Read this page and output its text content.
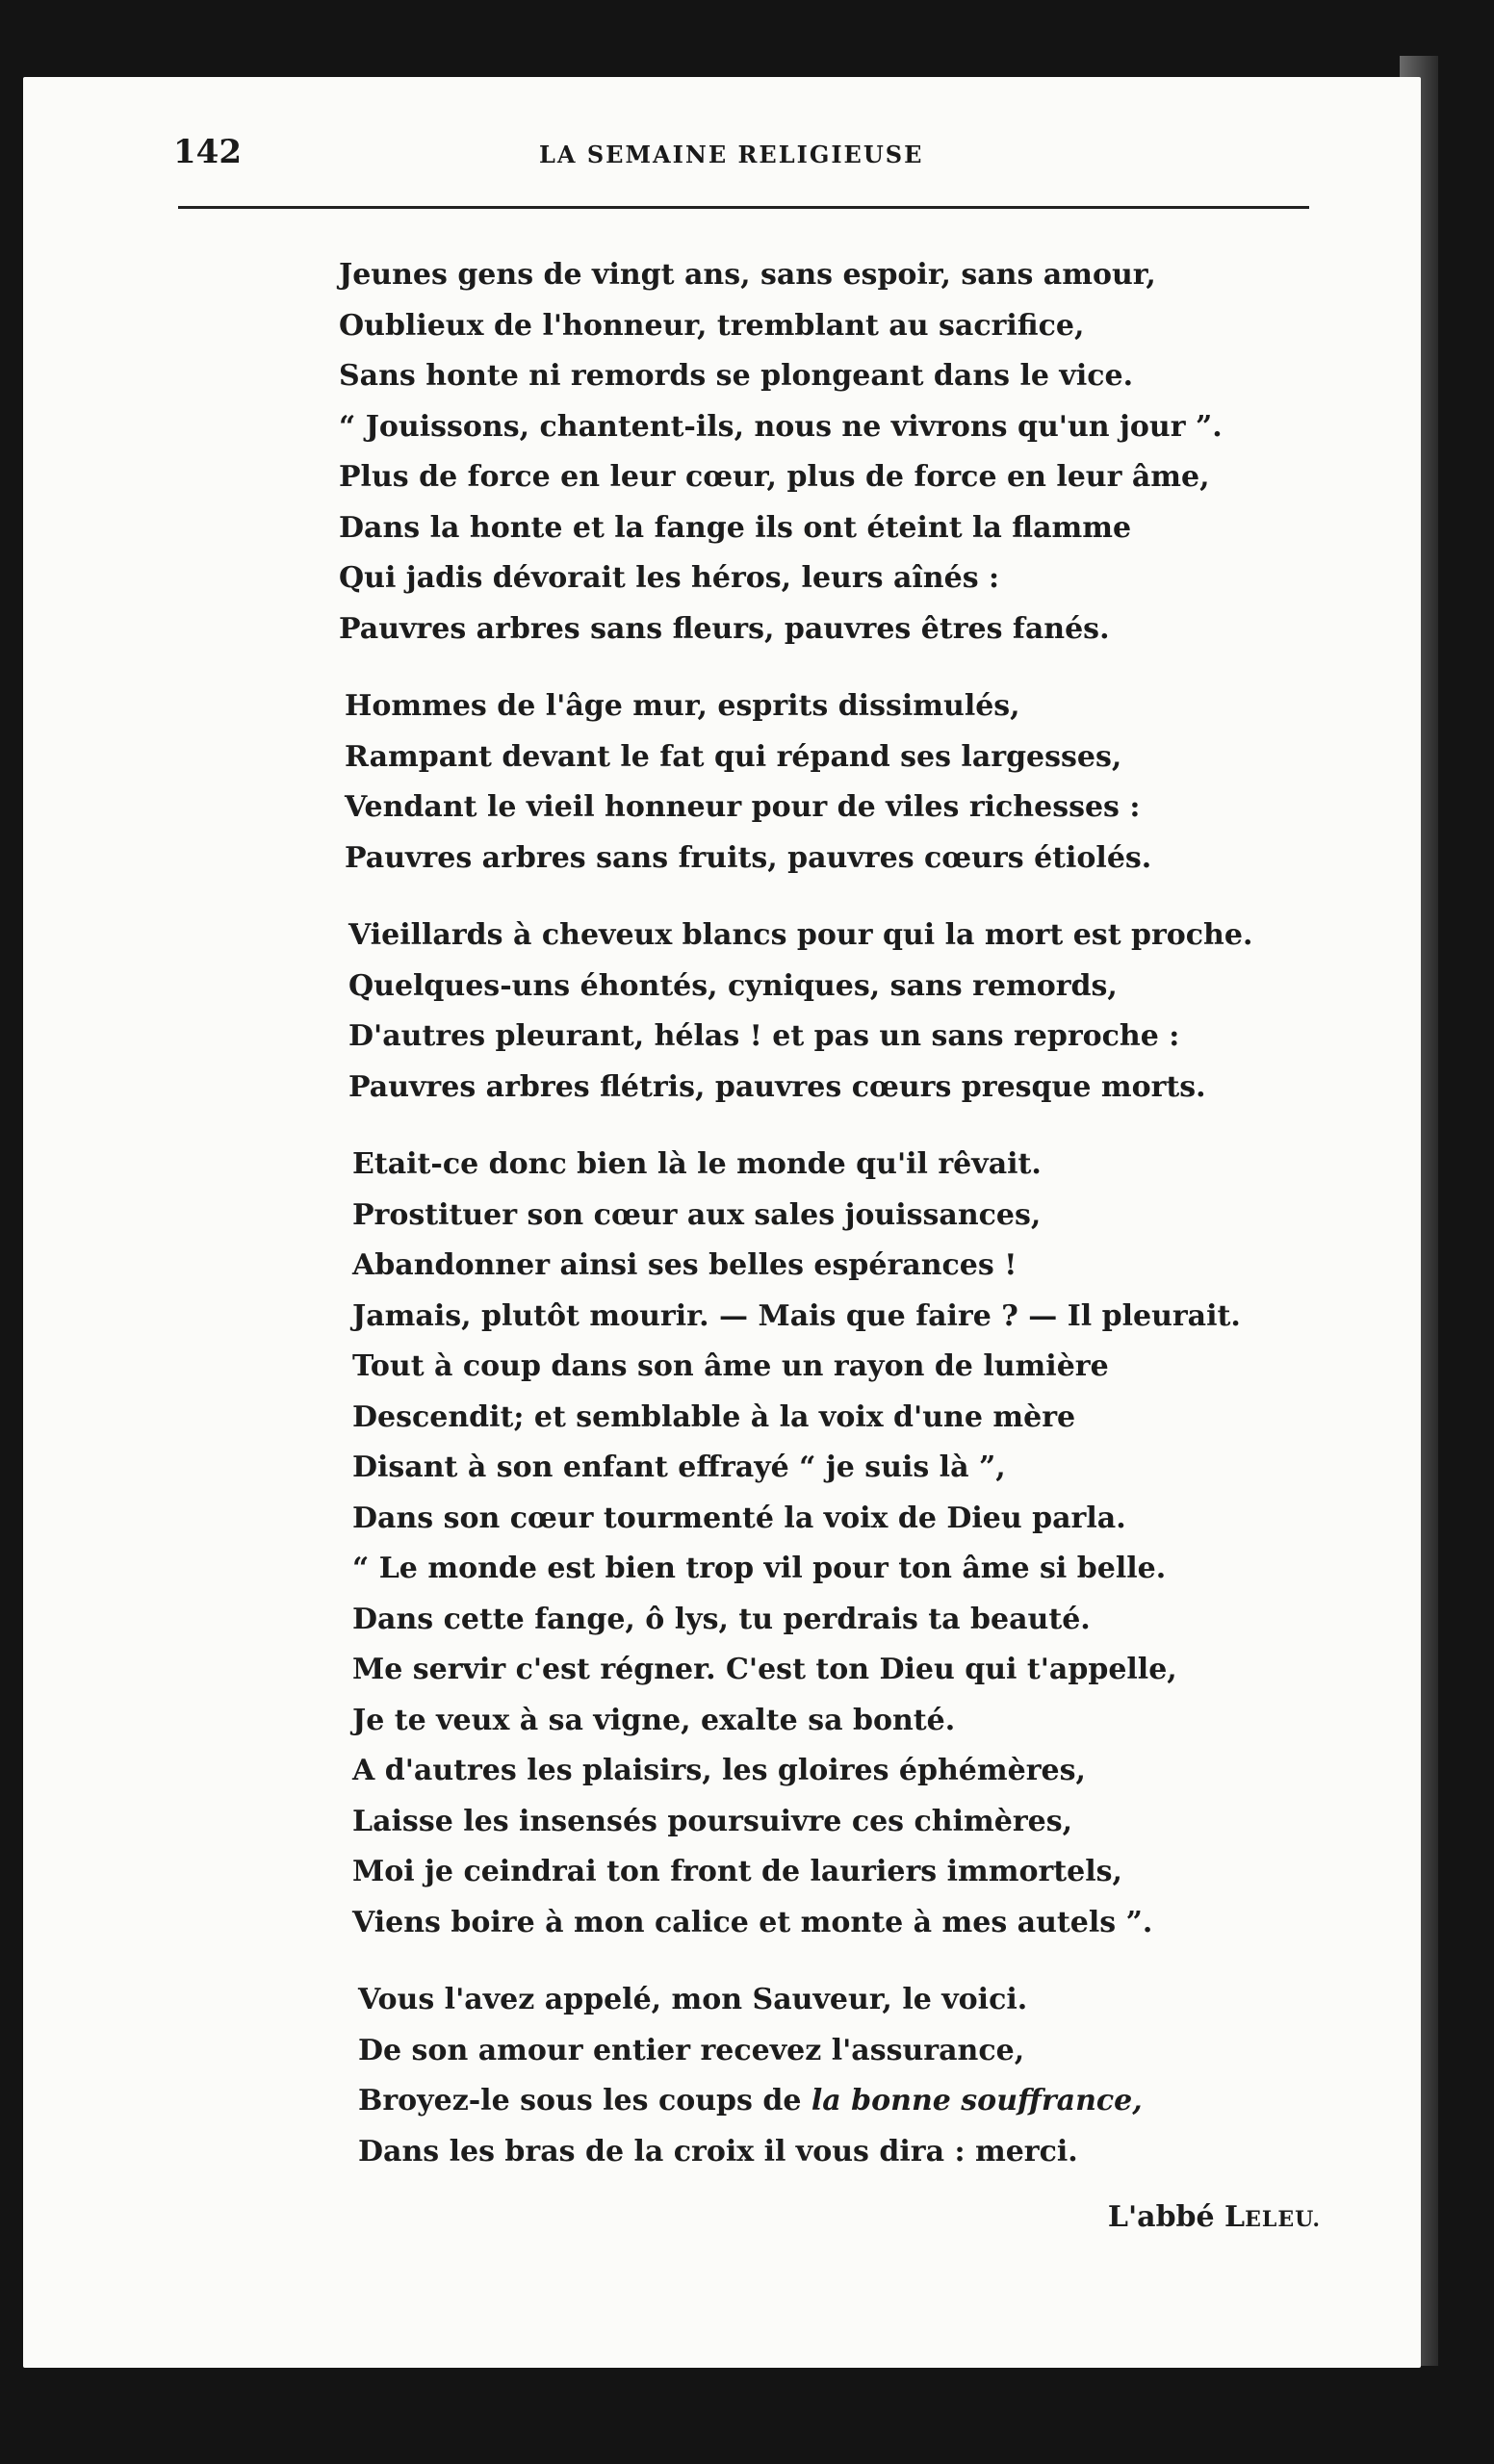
142	LA SEMAINE RELIGIEUSE
Jeunes gens de vingt ans, sans espoir, sans amour,
Oublieux de l'honneur, tremblant au sacrifice,
Sans honte ni remords se plongeant dans le vice.
“ Jouissons, chantent-ils, nous ne vivrons qu'un jour ”.
Plus de force en leur cœur, plus de force en leur âme,
Dans la honte et la fange ils ont éteint la flamme
Qui jadis dévorait les héros, leurs aînés :
Pauvres arbres sans fleurs, pauvres êtres fanés.
Hommes de l'âge mur, esprits dissimulés,
Rampant devant le fat qui répand ses largesses,
Vendant le vieil honneur pour de viles richesses :
Pauvres arbres sans fruits, pauvres cœurs étiolés.
Vieillards à cheveux blancs pour qui la mort est proche.
Quelques-uns éhontés, cyniques, sans remords,
D'autres pleurant, hélas ! et pas un sans reproche :
Pauvres arbres flétris, pauvres cœurs presque morts.
Etait-ce donc bien là le monde qu'il rêvait.
Prostituer son cœur aux sales jouissances,
Abandonner ainsi ses belles espérances !
Jamais, plutôt mourir. — Mais que faire ? — Il pleurait.
Tout à coup dans son âme un rayon de lumière
Descendit; et semblable à la voix d'une mère
Disant à son enfant effrayé “ je suis là ”,
Dans son cœur tourmenté la voix de Dieu parla.
“ Le monde est bien trop vil pour ton âme si belle.
Dans cette fange, ô lys, tu perdrais ta beauté.
Me servir c'est régner. C'est ton Dieu qui t'appelle,
Je te veux à sa vigne, exalte sa bonté.
A d'autres les plaisirs, les gloires éphémères,
Laisse les insensés poursuivre ces chimères,
Moi je ceindrai ton front de lauriers immortels,
Viens boire à mon calice et monte à mes autels ”.
Vous l'avez appelé, mon Sauveur, le voici.
De son amour entier recevez l'assurance,
Broyez-le sous les coups de la bonne souffrance,
Dans les bras de la croix il vous dira : merci.
L'abbé LELEU.
